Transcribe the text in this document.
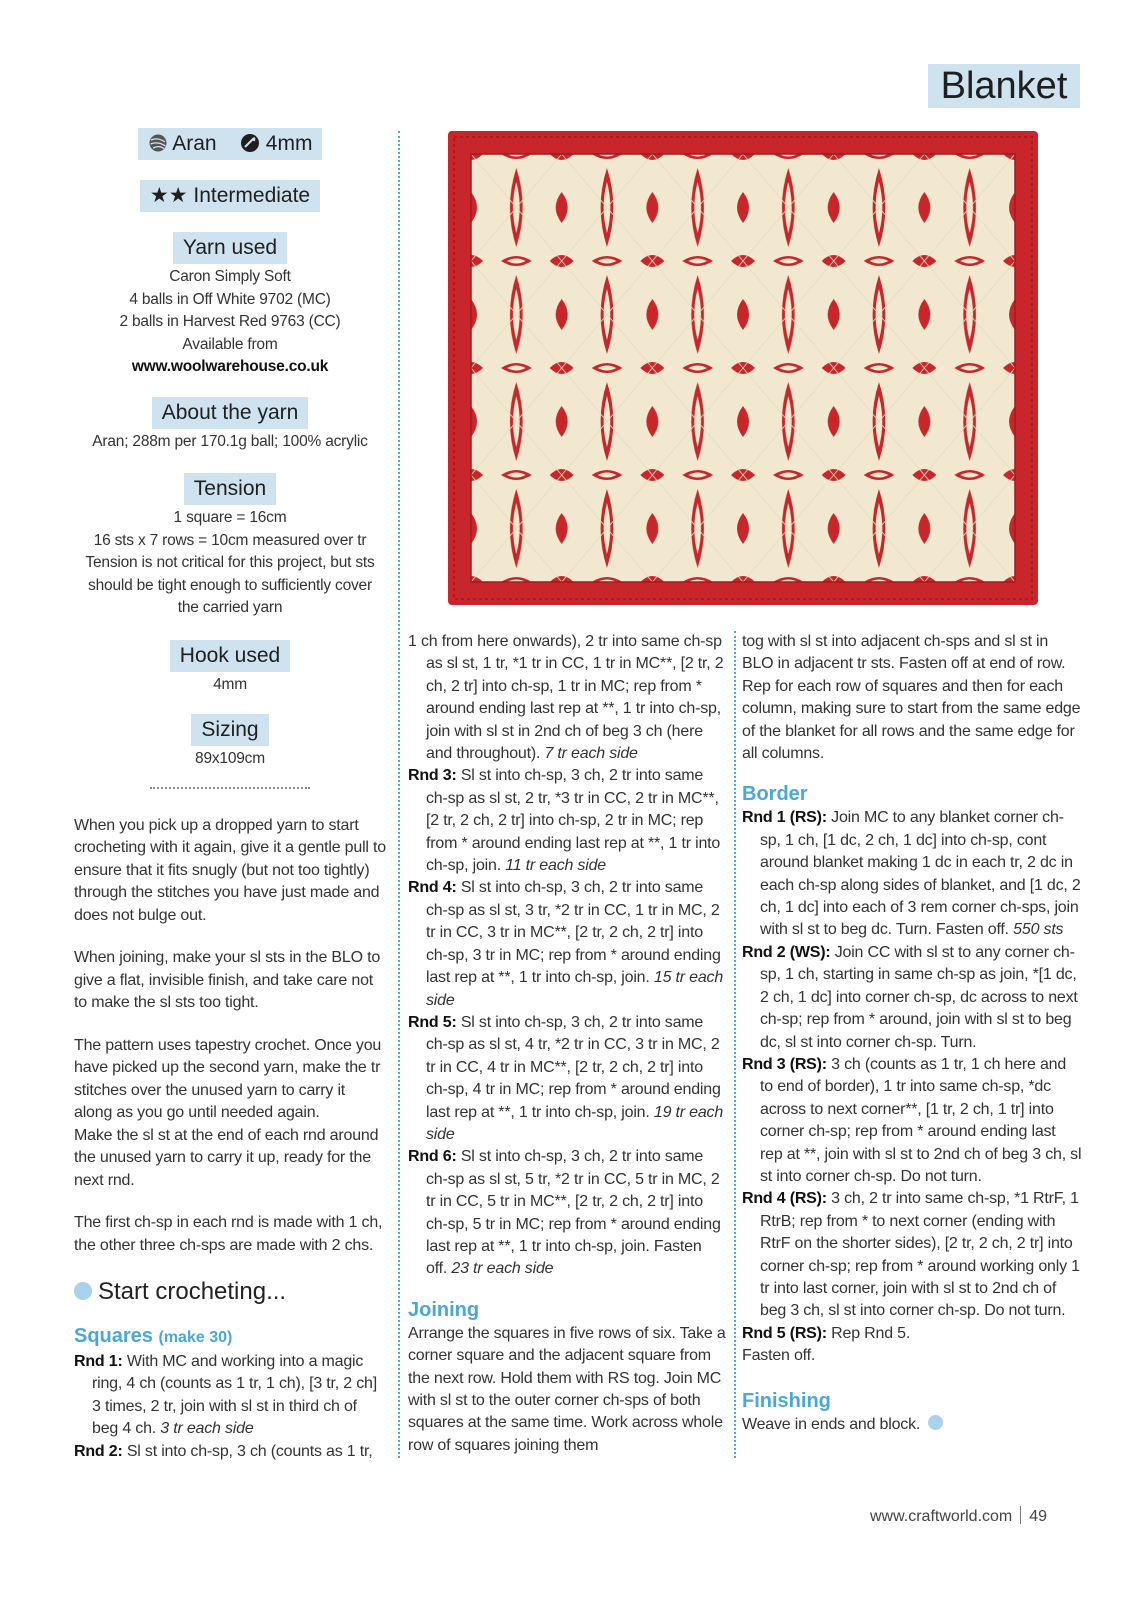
Blanket
Aran 4mm
★★ Intermediate
Yarn used
Caron Simply Soft
4 balls in Off White 9702 (MC)
2 balls in Harvest Red 9763 (CC)
Available from
www.woolwarehouse.co.uk
About the yarn
Aran; 288m per 170.1g ball; 100% acrylic
Tension
1 square = 16cm
16 sts x 7 rows = 10cm measured over tr
Tension is not critical for this project, but sts
should be tight enough to sufficiently cover
the carried yarn
Hook used
4mm
Sizing
89x109cm

When you pick up a dropped yarn to start crocheting with it again, give it a gentle pull to ensure that it fits snugly (but not too tightly) through the stitches you have just made and does not bulge out.

When joining, make your sl sts in the BLO to give a flat, invisible finish, and take care not to make the sl sts too tight.

The pattern uses tapestry crochet. Once you have picked up the second yarn, make the tr stitches over the unused yarn to carry it along as you go until needed again.

Make the sl st at the end of each rnd around the unused yarn to carry it up, ready for the next rnd.

The first ch-sp in each rnd is made with 1 ch, the other three ch-sps are made with 2 chs.

Start crocheting...
Squares (make 30)

Rnd 1: With MC and working into a magic ring, 4 ch (counts as 1 tr, 1 ch), [3 tr, 2 ch] 3 times, 2 tr, join with sl st in third ch of beg 4 ch. 3 tr each side

Rnd 2: Sl st into ch-sp, 3 ch (counts as 1 tr,

1 ch from here onwards), 2 tr into same ch-sp as sl st, 1 tr, *1 tr in CC, 1 tr in MC**, [2 tr, 2 ch, 2 tr] into ch-sp, 1 tr in MC; rep from * around ending last rep at **, 1 tr into ch-sp, join with sl st in 2nd ch of beg 3 ch (here and throughout). 7 tr each side

Rnd 3: Sl st into ch-sp, 3 ch, 2 tr into same ch-sp as sl st, 2 tr, *3 tr in CC, 2 tr in MC**, [2 tr, 2 ch, 2 tr] into ch-sp, 2 tr in MC; rep from * around ending last rep at **, 1 tr into ch-sp, join. 11 tr each side

Rnd 4: Sl st into ch-sp, 3 ch, 2 tr into same ch-sp as sl st, 3 tr, *2 tr in CC, 1 tr in MC, 2 tr in CC, 3 tr in MC**, [2 tr, 2 ch, 2 tr] into ch-sp, 3 tr in MC; rep from * around ending last rep at **, 1 tr into ch-sp, join. 15 tr each side

Rnd 5: Sl st into ch-sp, 3 ch, 2 tr into same ch-sp as sl st, 4 tr, *2 tr in CC, 3 tr in MC, 2 tr in CC, 4 tr in MC**, [2 tr, 2 ch, 2 tr] into ch-sp, 4 tr in MC; rep from * around ending last rep at **, 1 tr into ch-sp, join. 19 tr each side

Rnd 6: Sl st into ch-sp, 3 ch, 2 tr into same ch-sp as sl st, 5 tr, *2 tr in CC, 5 tr in MC, 2 tr in CC, 5 tr in MC**, [2 tr, 2 ch, 2 tr] into ch-sp, 5 tr in MC; rep from * around ending last rep at **, 1 tr into ch-sp, join. Fasten off. 23 tr each side

Joining

Arrange the squares in five rows of six. Take a corner square and the adjacent square from the next row. Hold them with RS tog. Join MC with sl st to the outer corner ch-sps of both squares at the same time. Work across whole row of squares joining them

tog with sl st into adjacent ch-sps and sl st in BLO in adjacent tr sts. Fasten off at end of row. Rep for each row of squares and then for each column, making sure to start from the same edge of the blanket for all rows and the same edge for all columns.

Border

Rnd 1 (RS): Join MC to any blanket corner ch-sp, 1 ch, [1 dc, 2 ch, 1 dc] into ch-sp, cont around blanket making 1 dc in each tr, 2 dc in each ch-sp along sides of blanket, and [1 dc, 2 ch, 1 dc] into each of 3 rem corner ch-sps, join with sl st to beg dc. Turn. Fasten off. 550 sts

Rnd 2 (WS): Join CC with sl st to any corner ch-sp, 1 ch, starting in same ch-sp as join, *[1 dc, 2 ch, 1 dc] into corner ch-sp, dc across to next ch-sp; rep from * around, join with sl st to beg dc, sl st into corner ch-sp. Turn.

Rnd 3 (RS): 3 ch (counts as 1 tr, 1 ch here and to end of border), 1 tr into same ch-sp, *dc across to next corner**, [1 tr, 2 ch, 1 tr] into corner ch-sp; rep from * around ending last rep at **, join with sl st to 2nd ch of beg 3 ch, sl st into corner ch-sp. Do not turn.

Rnd 4 (RS): 3 ch, 2 tr into same ch-sp, *1 RtrF, 1 RtrB; rep from * to next corner (ending with RtrF on the shorter sides), [2 tr, 2 ch, 2 tr] into corner ch-sp; rep from * around working only 1 tr into last corner, join with sl st to 2nd ch of beg 3 ch, sl st into corner ch-sp. Do not turn.

Rnd 5 (RS): Rep Rnd 5.

Fasten off.

Finishing

Weave in ends and block.

www.craftworld.com 49
